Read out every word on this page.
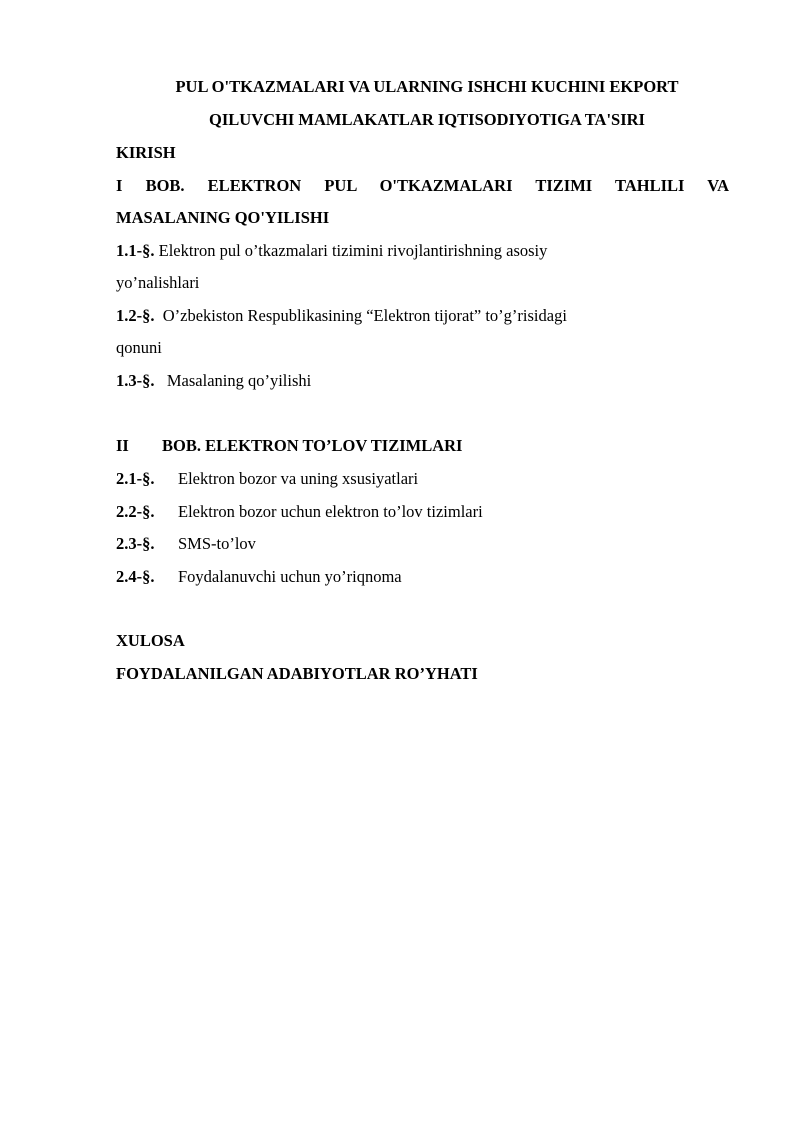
PUL O'TKAZMALARI VA ULARNING ISHCHI KUCHINI EKPORT
QILUVCHI MAMLAKATLAR IQTISODIYOTIGA TA'SIRI
KIRISH
I BOB. ELEKTRON PUL O'TKAZMALARI TIZIMI TAHLILI VA
MASALANING QO'YILISHI
1.1-§. Elektron pul o’tkazmalari tizimini rivojlantirishning asosiy
yo’nalishlari
1.2-§.  O’zbekiston Respublikasining “Elektron tijorat” to’g’risidagi
qonuni
1.3-§.   Masalaning qo’yilishi
II BOB. ELEKTRON TO’LOV TIZIMLARI
2.1-§. Elektron bozor va uning xsusiyatlari
2.2-§. Elektron bozor uchun elektron to’lov tizimlari
2.3-§. SMS-to’lov
2.4-§. Foydalanuvchi uchun yo’riqnoma
XULOSA
FOYDALANILGAN ADABIYOTLAR RO’YHATI
